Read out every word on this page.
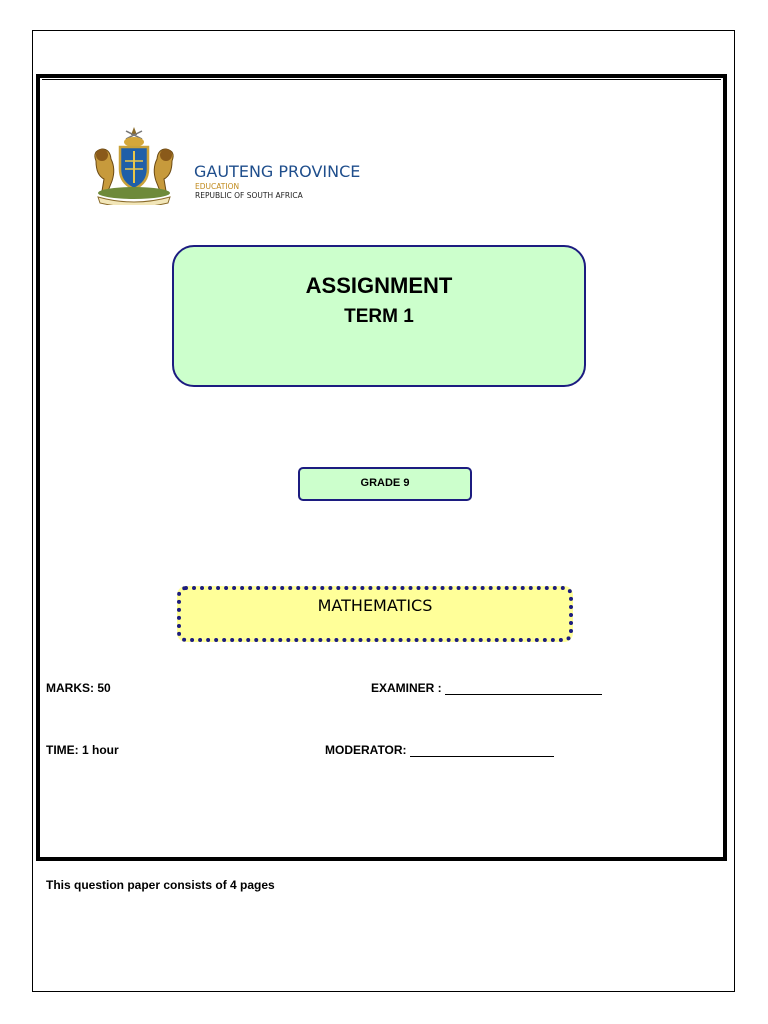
GAUTENG PROVINCE
EDUCATION
REPUBLIC OF SOUTH AFRICA
ASSIGNMENT
TERM 1
GRADE 9
MATHEMATICS
MARKS: 50	EXAMINER :
TIME: 1 hour	MODERATOR:
This question paper consists of 4 pages
